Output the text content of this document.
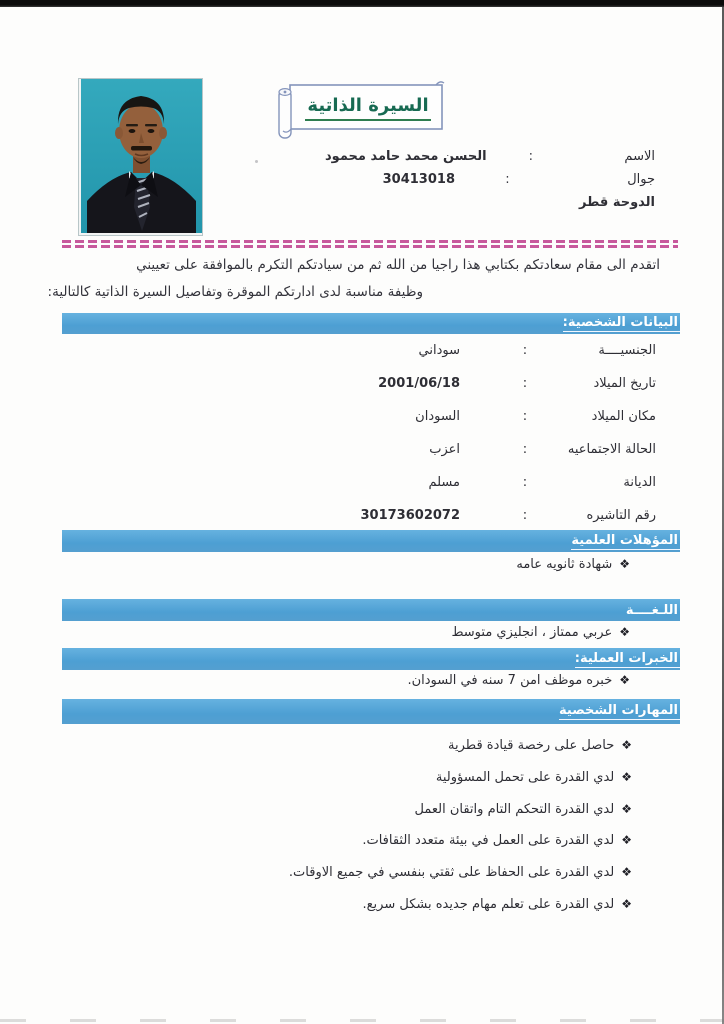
السيرة الذاتية
الاسم
:
الحسن محمد حامد محمود
جوال
:
30413018
الدوحة قطر
اتقدم الى مقام سعادتكم بكتابي هذا راجيا من الله ثم من سيادتكم التكرم بالموافقة على تعييني
وظيفة مناسبة لدى ادارتكم الموقرة وتفاصيل السيرة الذاتية كالتالية:
البيانات الشخصية:
الجنسيــــة
:
سوداني
تاريخ الميلاد
:
2001/06/18
مكان الميلاد
:
السودان
الحالة الاجتماعيه
:
اعزب
الديانة
:
مسلم
رقم التاشيره
:
30173602072
المؤهلات العلمية
❖شهادة ثانويه عامه
اللـغــــة
❖عربي ممتاز ، انجليزي متوسط
الخبرات العملية:
❖خبره موظف امن 7 سنه في السودان.
المهارات الشخصية
❖حاصل على رخصة قيادة قطرية
❖لدي القدرة على تحمل المسؤولية
❖لدي القدرة التحكم التام واتقان العمل
❖لدي القدرة على العمل في بيئة متعدد الثقافات.
❖لدي القدرة على الحفاظ على ثقتي بنفسي في جميع الاوقات.
❖لدي القدرة على تعلم مهام جديده بشكل سريع.
